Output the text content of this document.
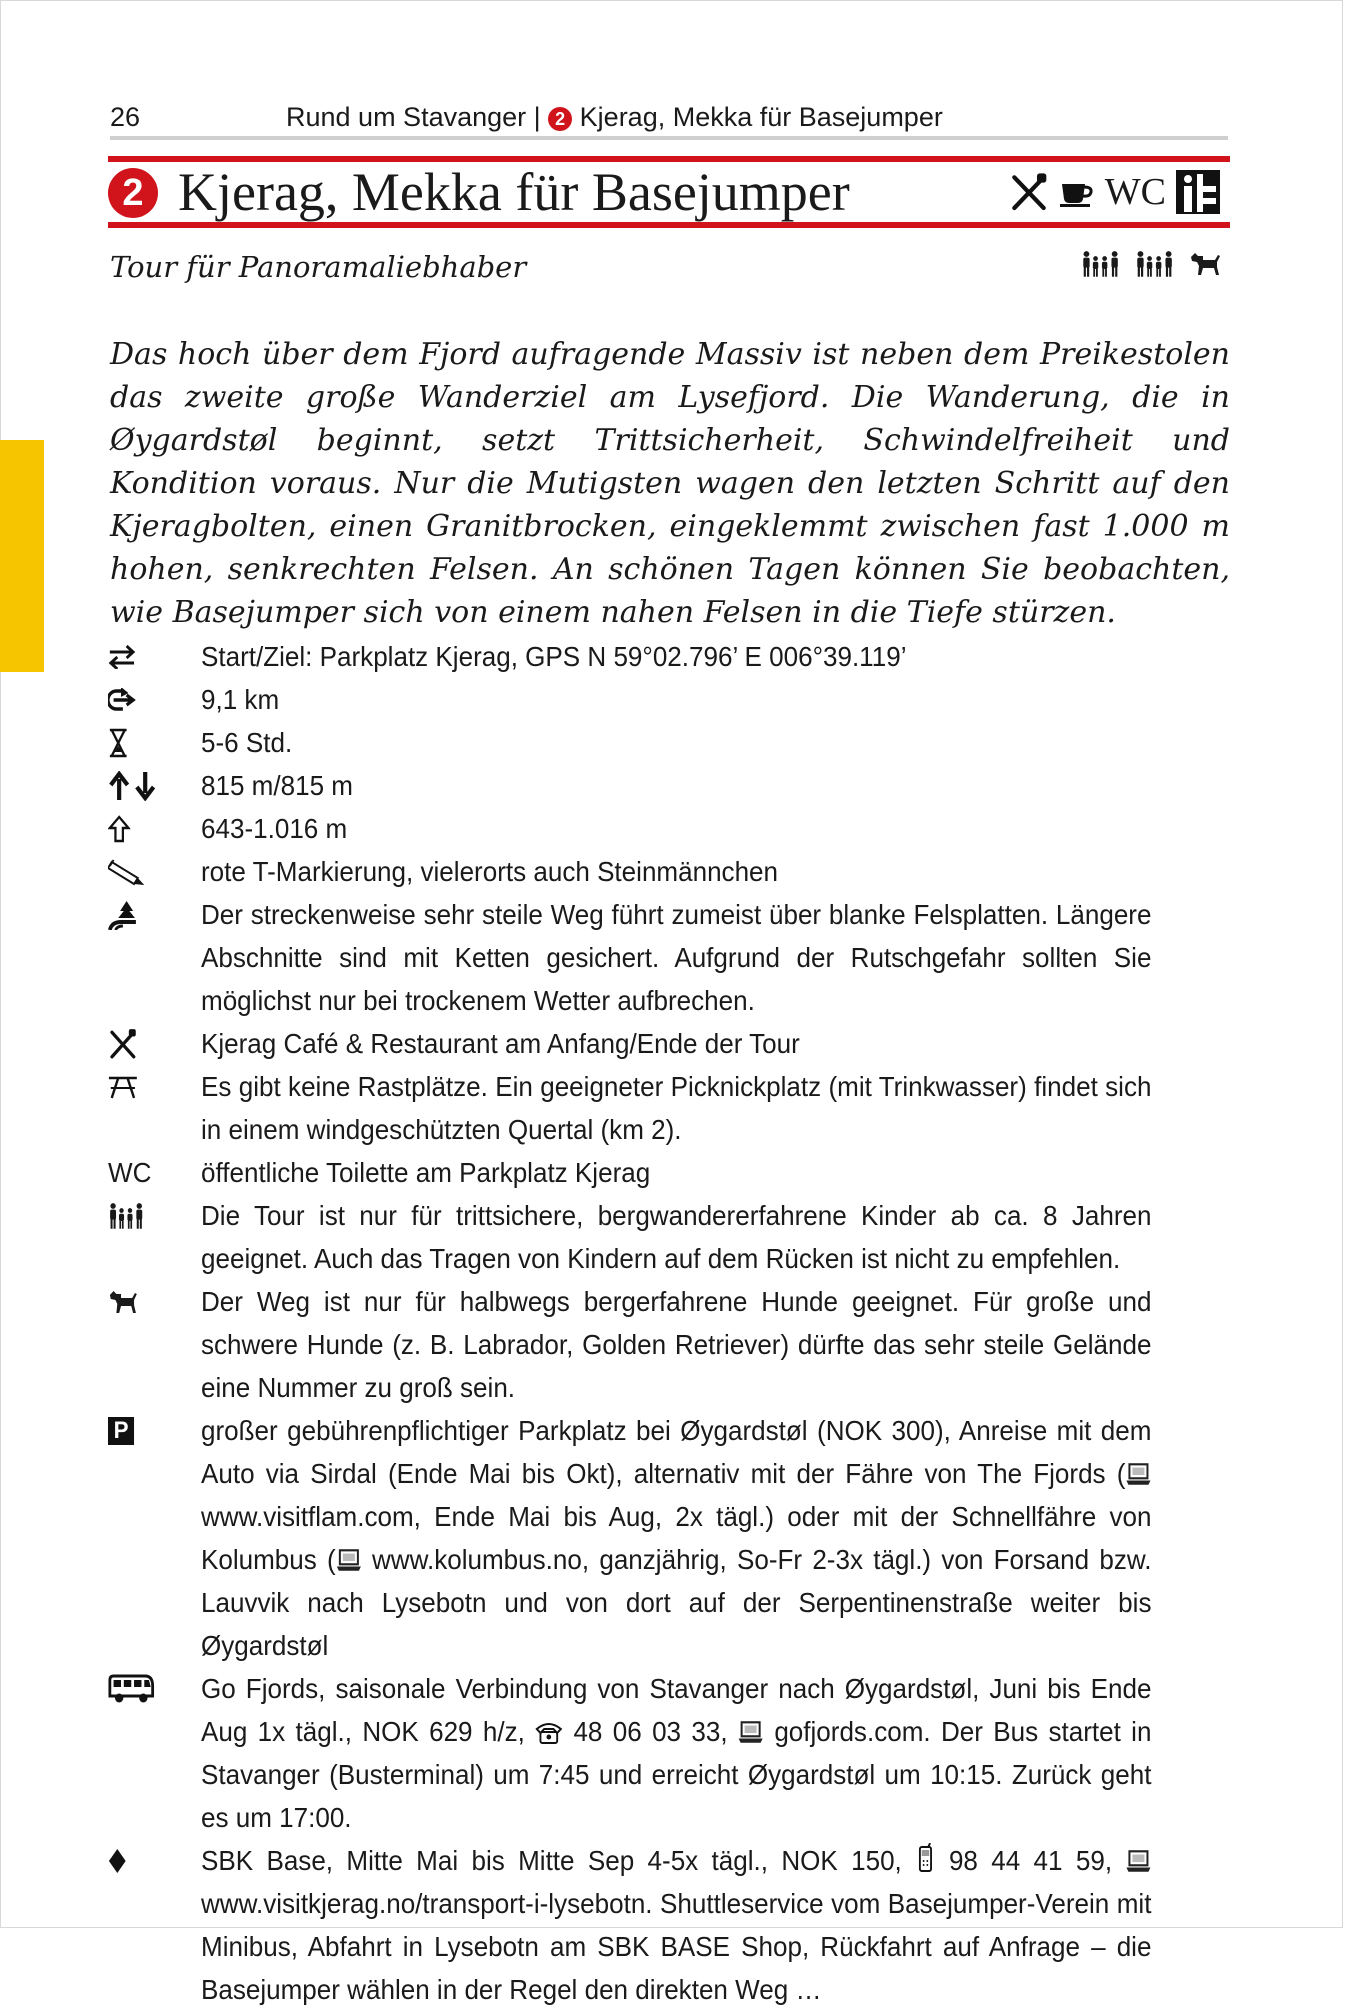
26	Rund um Stavanger | 2 Kjerag, Mekka für Basejumper
2 Kjerag, Mekka für Basejumper	WC
Tour für Panoramaliebhaber

Das hoch über dem Fjord aufragende Massiv ist neben dem Preikestolen das zweite große Wanderziel am Lysefjord. Die Wanderung, die in Øygardstøl beginnt, setzt Trittsicherheit, Schwindelfreiheit und Kondition voraus. Nur die Mutigsten wagen den letzten Schritt auf den Kjeragbolten, einen Granitbrocken, eingeklemmt zwischen fast 1.000 m hohen, senkrechten Felsen. An schönen Tagen können Sie beobachten, wie Basejumper sich von einem nahen Felsen in die Tiefe stürzen.

Start/Ziel: Parkplatz Kjerag, GPS N 59°02.796’ E 006°39.119’
9,1 km
5-6 Std.
815 m/815 m
643-1.016 m
rote T-Markierung, vielerorts auch Steinmännchen
Der streckenweise sehr steile Weg führt zumeist über blanke Felsplatten. Längere Abschnitte sind mit Ketten gesichert. Aufgrund der Rutschgefahr sollten Sie möglichst nur bei trockenem Wetter aufbrechen.
Kjerag Café & Restaurant am Anfang/Ende der Tour
Es gibt keine Rastplätze. Ein geeigneter Picknickplatz (mit Trinkwasser) findet sich in einem windgeschützten Quertal (km 2).
WC	öffentliche Toilette am Parkplatz Kjerag
Die Tour ist nur für trittsichere, bergwandererfahrene Kinder ab ca. 8 Jahren geeignet. Auch das Tragen von Kindern auf dem Rücken ist nicht zu empfehlen.
Der Weg ist nur für halbwegs bergerfahrene Hunde geeignet. Für große und schwere Hunde (z. B. Labrador, Golden Retriever) dürfte das sehr steile Gelände eine Nummer zu groß sein.
P	großer gebührenpflichtiger Parkplatz bei Øygardstøl (NOK 300), Anreise mit dem Auto via Sirdal (Ende Mai bis Okt), alternativ mit der Fähre von The Fjords ( www.visitflam.com, Ende Mai bis Aug, 2x tägl.) oder mit der Schnellfähre von Kolumbus ( www.kolumbus.no, ganzjährig, So-Fr 2-3x tägl.) von Forsand bzw. Lauvvik nach Lysebotn und von dort auf der Serpentinenstraße weiter bis Øygardstøl
Go Fjords, saisonale Verbindung von Stavanger nach Øygardstøl, Juni bis Ende Aug 1x tägl., NOK 629 h/z,  48 06 03 33,  gofjords.com. Der Bus startet in Stavanger (Busterminal) um 7:45 und erreicht Øygardstøl um 10:15. Zurück geht es um 17:00.
SBK Base, Mitte Mai bis Mitte Sep 4-5x tägl., NOK 150,  98 44 41 59,  www.visitkjerag.no/transport-i-lysebotn. Shuttleservice vom Basejumper-Verein mit Minibus, Abfahrt in Lysebotn am SBK BASE Shop, Rückfahrt auf Anfrage – die Basejumper wählen in der Regel den direkten Weg …
